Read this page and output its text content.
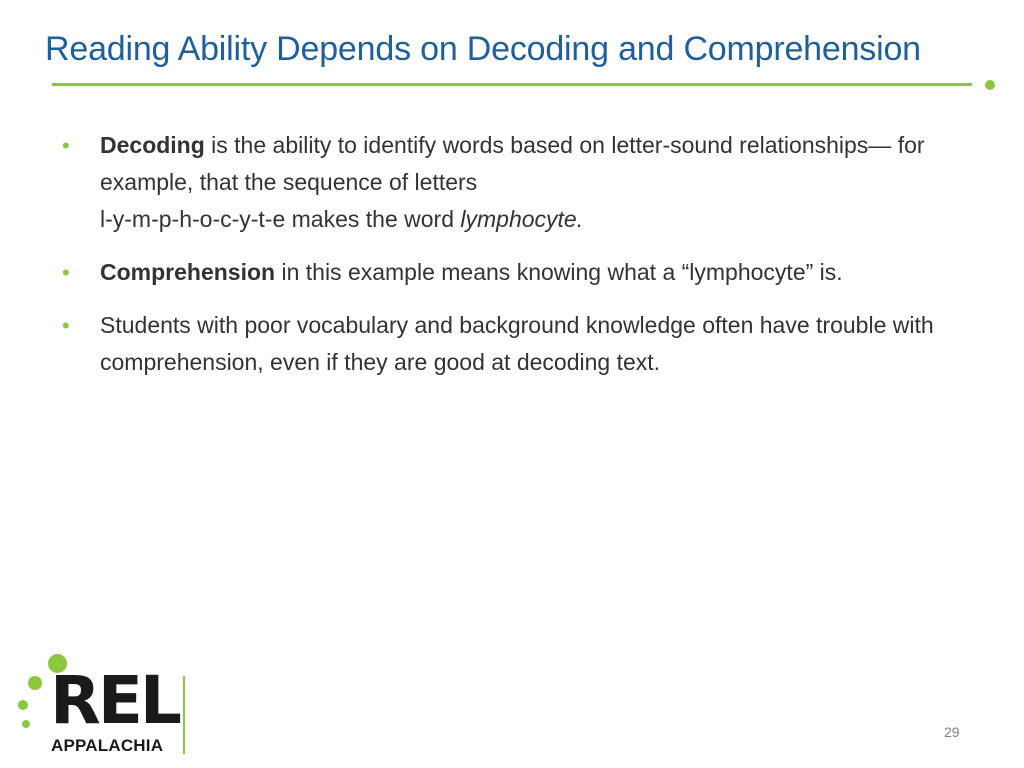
Reading Ability Depends on Decoding and Comprehension
• Decoding is the ability to identify words based on letter-sound relationships— for example, that the sequence of letters
l-y-m-p-h-o-c-y-t-e makes the word lymphocyte.
• Comprehension in this example means knowing what a “lymphocyte” is.
• Students with poor vocabulary and background knowledge often have trouble with comprehension, even if they are good at decoding text.
REL
APPALACHIA
29
